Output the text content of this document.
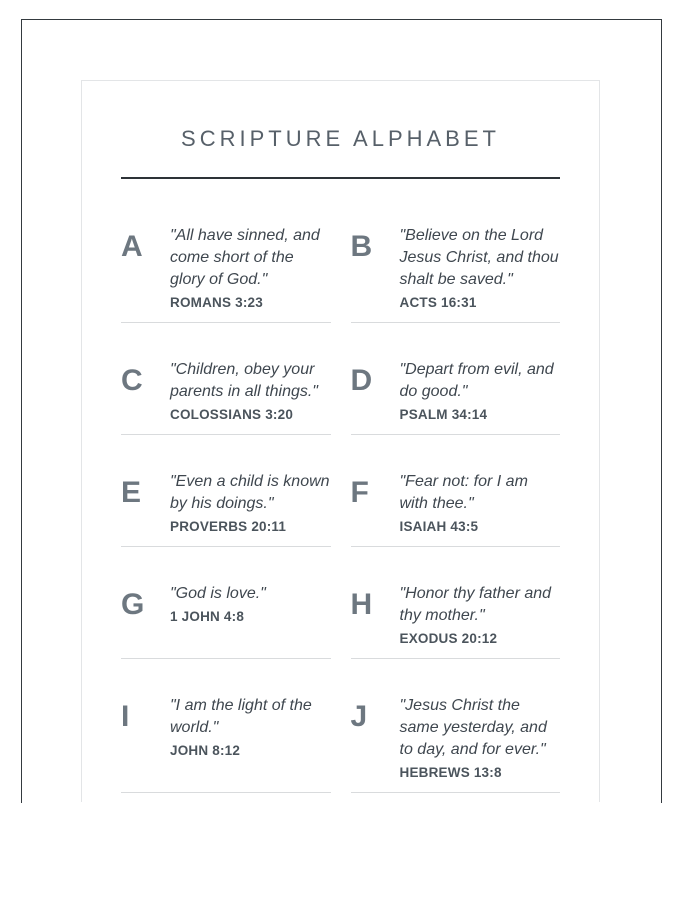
SCRIPTURE ALPHABET
A	"All have sinned, and come short of the glory of God."
ROMANS 3:23
B	"Believe on the Lord Jesus Christ, and thou shalt be saved."
ACTS 16:31
C	"Children, obey your parents in all things."
COLOSSIANS 3:20
D	"Depart from evil, and do good."
PSALM 34:14
E	"Even a child is known by his doings."
PROVERBS 20:11
F	"Fear not: for I am with thee."
ISAIAH 43:5
G	"God is love."
1 JOHN 4:8	H	"Honor thy father and thy mother."
EXODUS 20:12
I	"I am the light of the world."
JOHN 8:12
J	"Jesus Christ the same yesterday, and to day, and for ever."
HEBREWS 13:8
